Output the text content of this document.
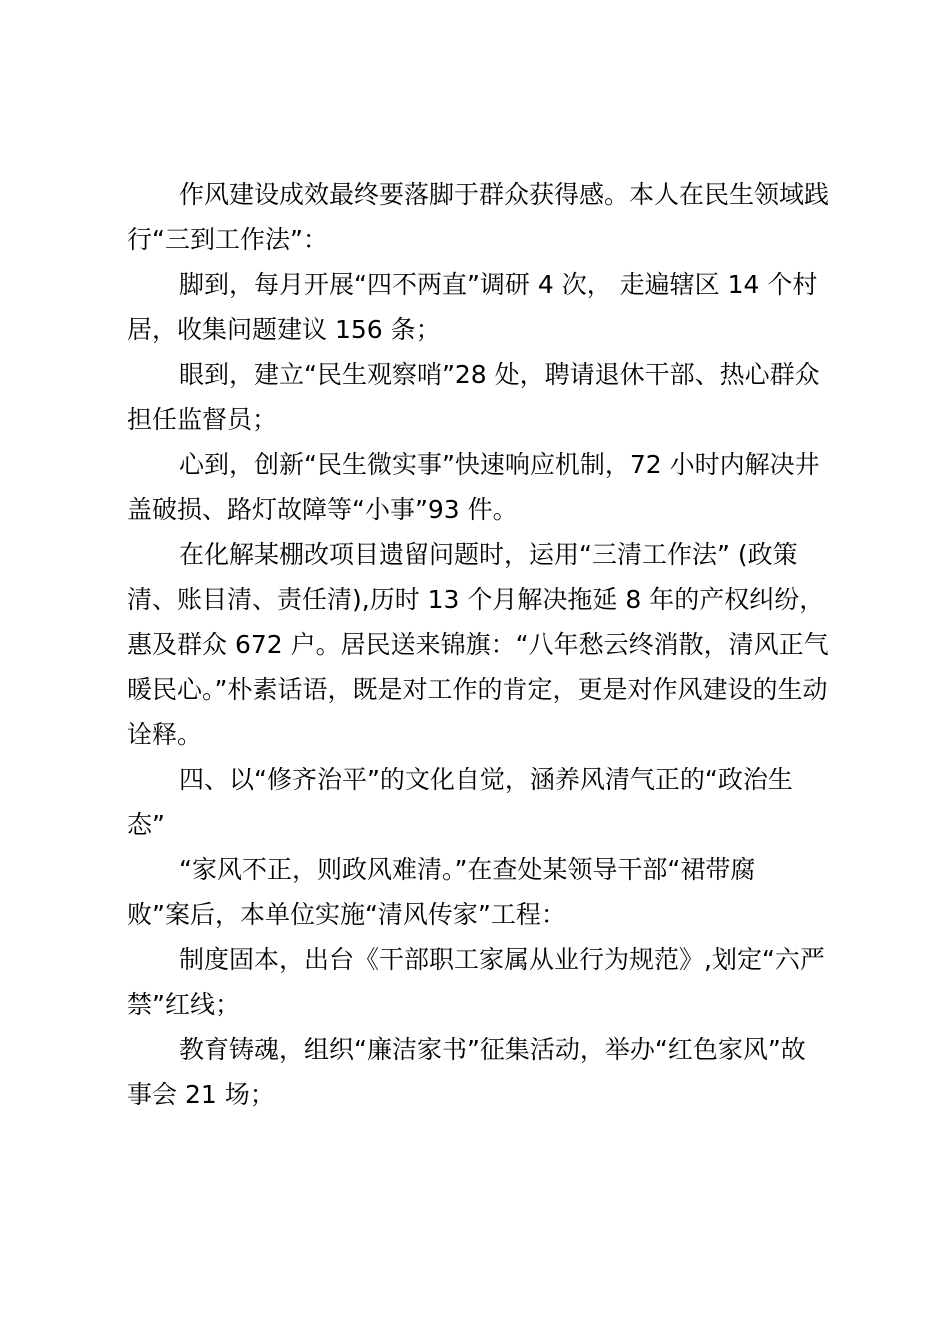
作风建设成效最终要落脚于群众获得感。本人在民生领域践行“三到工作法”：

脚到，每月开展“四不两直”调研 4 次， 走遍辖区 14 个村居，收集问题建议 156 条；

眼到，建立“民生观察哨”28 处，聘请退休干部、热心群众担任监督员；

心到，创新“民生微实事”快速响应机制，72 小时内解决井盖破损、路灯故障等“小事”93 件。

在化解某棚改项目遗留问题时，运用“三清工作法” (政策清、账目清、责任清),历时 13 个月解决拖延 8 年的产权纠纷，惠及群众 672 户。居民送来锦旗：“八年愁云终消散，清风正气暖民心。”朴素话语，既是对工作的肯定，更是对作风建设的生动诠释。

四、以“修齐治平”的文化自觉，涵养风清气正的“政治生态”

“家风不正，则政风难清。”在查处某领导干部“裙带腐败”案后，本单位实施“清风传家”工程：

制度固本，出台《干部职工家属从业行为规范》,划定“六严禁”红线；

教育铸魂，组织“廉洁家书”征集活动，举办“红色家风”故事会 21 场；
